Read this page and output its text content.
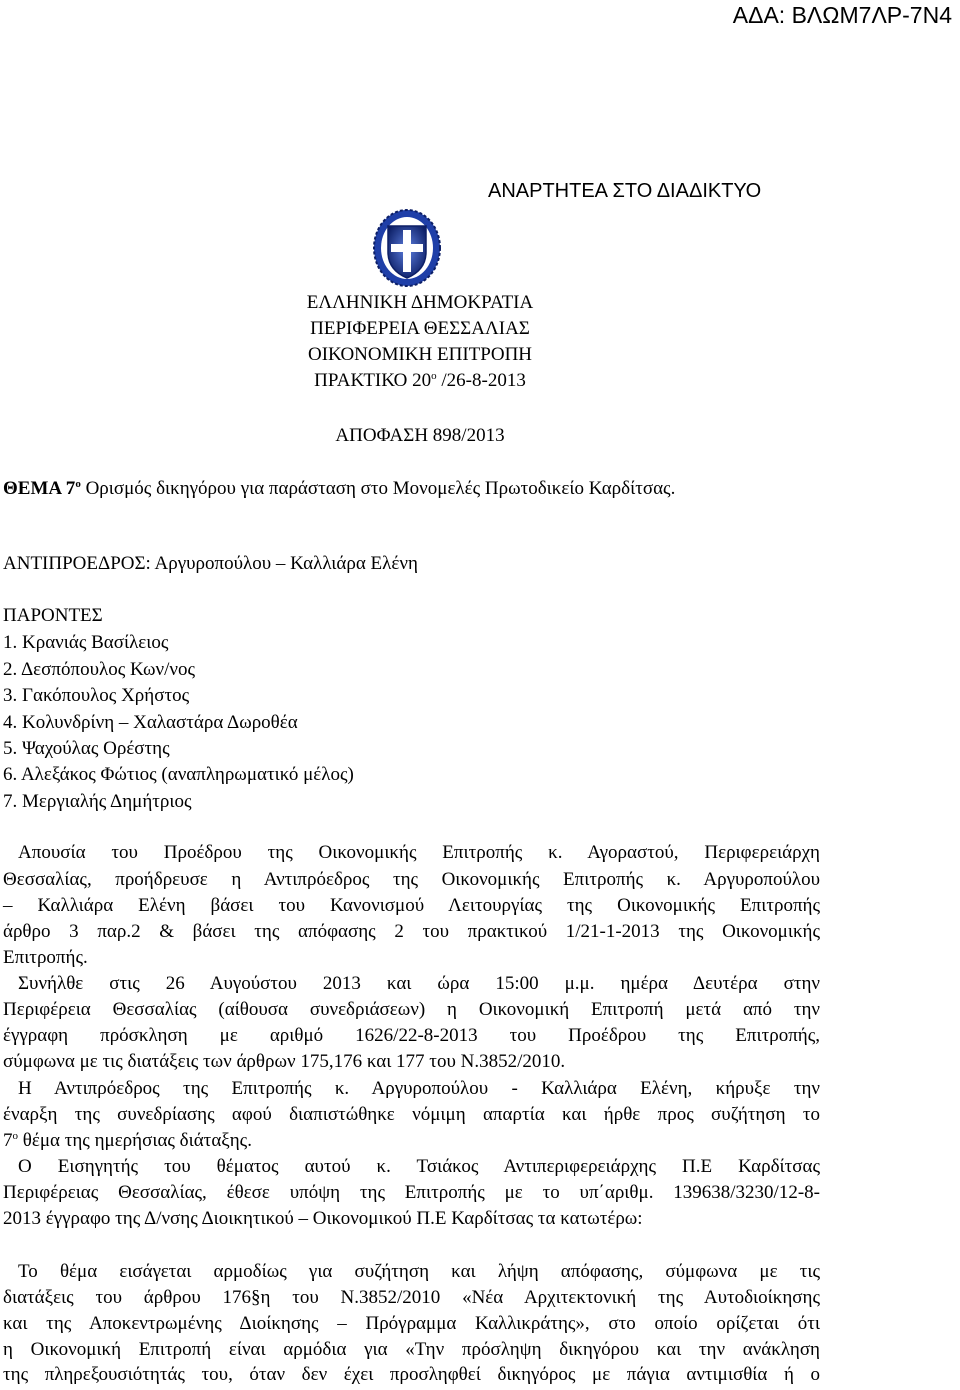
ΑΔΑ: ΒΛΩΜ7ΛΡ-7Ν4
ΑΝΑΡΤΗΤΕΑ ΣΤΟ ΔΙΑΔΙΚΤΥΟ
ΕΛΛΗΝΙΚΗ ΔΗΜΟΚΡΑΤΙΑ
ΠΕΡΙΦΕΡΕΙΑ ΘΕΣΣΑΛΙΑΣ
ΟΙΚΟΝΟΜΙΚΗ ΕΠΙΤΡΟΠΗ
ΠΡΑΚΤΙΚΟ $20^o$ /26-8-2013
ΑΠΟΦΑΣΗ 898/2013
ΘΕΜΑ $7^o$ Ορισμός δικηγόρου για παράσταση στο Μονομελές Πρωτοδικείο Καρδίτσας.
ΑΝΤΙΠΡΟΕΔΡΟΣ: Αργυροπούλου – Καλλιάρα Ελένη
ΠΑΡΟΝΤΕΣ
1. Κρανιάς Βασίλειος
2. Δεσπόπουλος Κων/νος
3. Γακόπουλος Χρήστος
4. Κολυνδρίνη – Χαλαστάρα Δωροθέα
5. Ψαχούλας Ορέστης
6. Αλεξάκος Φώτιος (αναπληρωματικό μέλος)
7. Μεργιαλής Δημήτριος
Απουσία του Προέδρου της Οικονομικής Επιτροπής κ. Αγοραστού, Περιφερειάρχη
Θεσσαλίας, προήδρευσε η Αντιπρόεδρος της Οικονομικής Επιτροπής κ. Αργυροπούλου
– Καλλιάρα Ελένη βάσει του Κανονισμού Λειτουργίας της Οικονομικής Επιτροπής
άρθρο 3 παρ.2 & βάσει της απόφασης 2 του πρακτικού 1/21-1-2013 της Οικονομικής
Επιτροπής.
Συνήλθε στις 26 Αυγούστου 2013 και ώρα 15:00 μ.μ. ημέρα Δευτέρα στην
Περιφέρεια Θεσσαλίας (αίθουσα συνεδριάσεων) η Οικονομική Επιτροπή μετά από την
έγγραφη πρόσκληση με αριθμό 1626/22-8-2013 του Προέδρου της Επιτροπής,
σύμφωνα με τις διατάξεις των άρθρων 175,176 και 177 του Ν.3852/2010.
Η Αντιπρόεδρος της Επιτροπής κ. Αργυροπούλου - Καλλιάρα Ελένη, κήρυξε την
έναρξη της συνεδρίασης αφού διαπιστώθηκε νόμιμη απαρτία και ήρθε προς συζήτηση το
$7^o$ θέμα της ημερήσιας διάταξης.
Ο Εισηγητής του θέματος αυτού κ. Τσιάκος Αντιπεριφερειάρχης Π.Ε Καρδίτσας
Περιφέρειας Θεσσαλίας, έθεσε υπόψη της Επιτροπής με το υπ΄αριθμ. 139638/3230/12-8-
2013 έγγραφο της Δ/νσης Διοικητικού – Οικονομικού Π.Ε Καρδίτσας τα κατωτέρω:
Το θέμα εισάγεται αρμοδίως για συζήτηση και λήψη απόφασης, σύμφωνα με τις
διατάξεις του άρθρου 176§η του Ν.3852/2010 «Νέα Αρχιτεκτονική της Αυτοδιοίκησης
και της Αποκεντρωμένης Διοίκησης – Πρόγραμμα Καλλικράτης», στο οποίο ορίζεται ότι
η Οικονομική Επιτροπή είναι αρμόδια για «Την πρόσληψη δικηγόρου και την ανάκληση
της πληρεξουσιότητάς του, όταν δεν έχει προσληφθεί δικηγόρος με πάγια αντιμισθία ή ο
